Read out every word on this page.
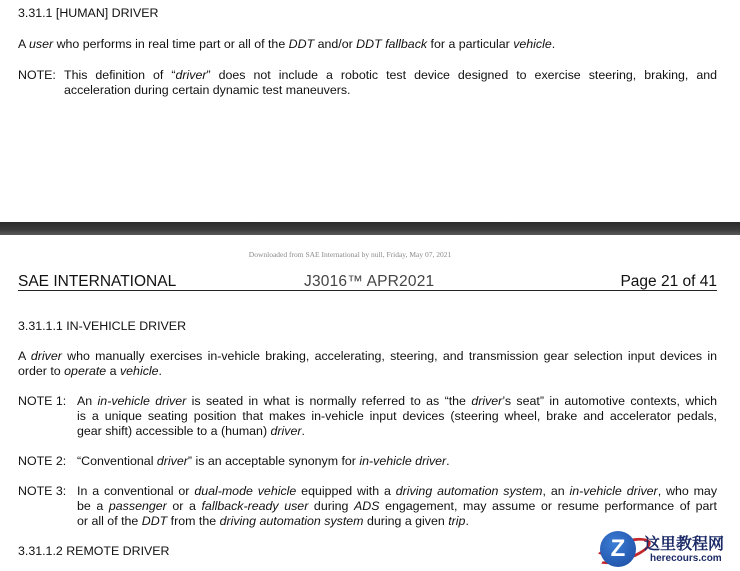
3.31.1 [HUMAN] DRIVER
A user who performs in real time part or all of the DDT and/or DDT fallback for a particular vehicle.
NOTE: This definition of “driver” does not include a robotic test device designed to exercise steering, braking, and
acceleration during certain dynamic test maneuvers.
Downloaded from SAE International by null, Friday, May 07, 2021
SAE INTERNATIONAL	J3016™ APR2021	Page 21 of 41
3.31.1.1 IN-VEHICLE DRIVER
A driver who manually exercises in-vehicle braking, accelerating, steering, and transmission gear selection input devices in
order to operate a vehicle.
NOTE 1: An in-vehicle driver is seated in what is normally referred to as “the driver’s seat” in automotive contexts, which
is a unique seating position that makes in-vehicle input devices (steering wheel, brake and accelerator pedals,
gear shift) accessible to a (human) driver.
NOTE 2: “Conventional driver” is an acceptable synonym for in-vehicle driver.
NOTE 3: In a conventional or dual-mode vehicle equipped with a driving automation system, an in-vehicle driver, who may
be a passenger or a fallback-ready user during ADS engagement, may assume or resume performance of part
or all of the DDT from the driving automation system during a given trip.
3.31.1.2 REMOTE DRIVER	Z	这里教程网
herecours.com
